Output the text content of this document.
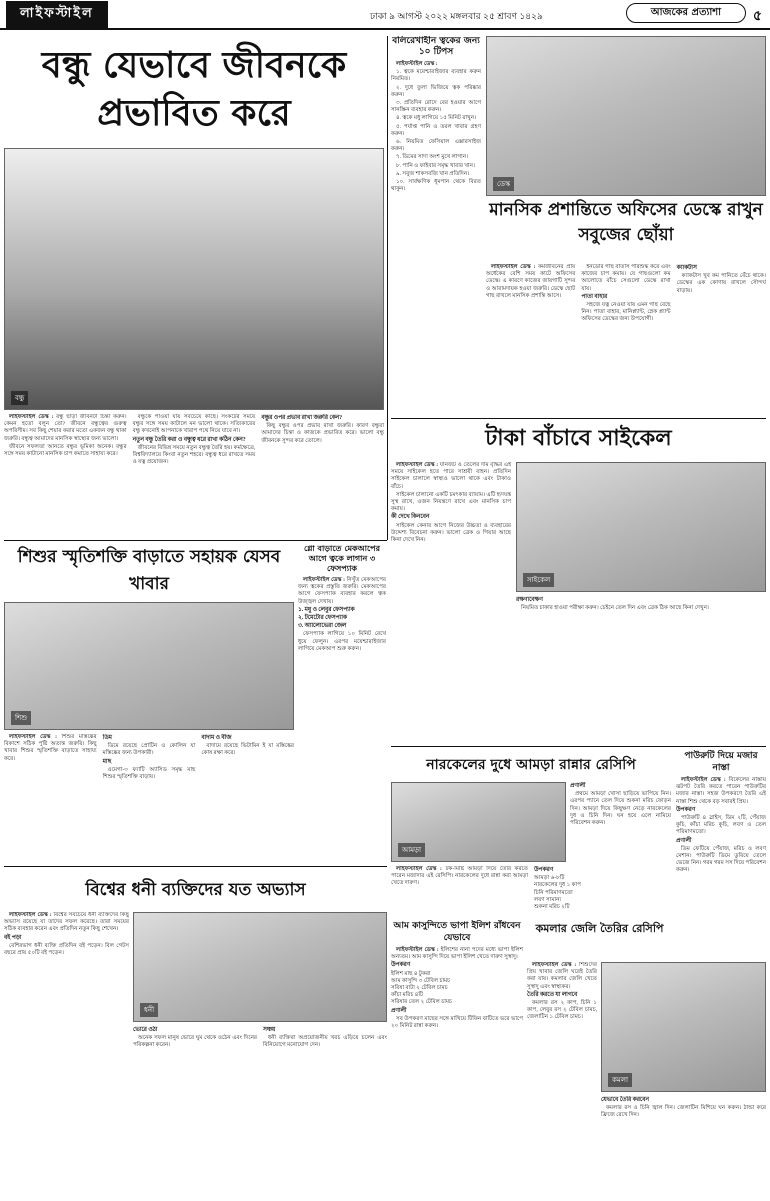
লাইফস্টাইল	ঢাকা ৯ আগস্ট ২০২২ মঙ্গলবার ২৫ শ্রাবণ ১৪২৯	আজকের প্রত্যাশা	৫
বন্ধু যেভাবে জীবনকে প্রভাবিত করে
বন্ধু

লাইফস্টাইল ডেস্ক : বন্ধু ছাড়া জীবনটা চিন্তা করুন। কেমন হতো বলুন তো? জীবনে বন্ধুত্বের গুরুত্ব অপরিসীম। সব কিছু শেয়ার করার মতো একজন বন্ধু থাকা জরুরি। বন্ধুত্ব আমাদের মানসিক স্বাস্থ্যের জন্য ভালো।

জীবনে সফলতা আনতে বন্ধুর ভূমিকা অনেক। বন্ধুর সঙ্গে সময় কাটানো মানসিক চাপ কমাতে সাহায্য করে।

বন্ধুকে পাওয়া যায় সবচেয়ে কাছে। সংকটের সময়ে বন্ধুর সঙ্গে সময় কাটালে মন ভালো থাকে। সত্যিকারের বন্ধু কখনোই আপনাকে খারাপ পথে নিয়ে যাবে না।

নতুন বন্ধু তৈরি করা ও বন্ধুত্ব ধরে রাখা কঠিন কেন?

জীবনের বিভিন্ন সময়ে নতুন বন্ধুত্ব তৈরি হয়। কর্মক্ষেত্রে, বিশ্ববিদ্যালয়ে কিংবা নতুন শহরে। বন্ধুত্ব ধরে রাখতে সময় ও যত্ন প্রয়োজন।

বন্ধুর ওপর প্রভাব রাখা জরুরি কেন?

কিছু বন্ধুর ওপর প্রভাব রাখা জরুরি। কারণ বন্ধুরা আমাদের চিন্তা ও কাজকে প্রভাবিত করে। ভালো বন্ধু জীবনকে সুন্দর করে তোলে।

বলিরেখাহীন ত্বকের জন্য ১০ টিপস

লাইফস্টাইল ডেস্ক :

১. ত্বকে ময়েশ্চারাইজার ব্যবহার করুন নিয়মিত।

২. দুধে তুলা ভিজিয়ে ত্বক পরিষ্কার করুন।

৩. প্রতিদিন রোদে বের হওয়ার আগে সানস্ক্রিন ব্যবহার করুন।

৪. ত্বকে মধু লাগিয়ে ১৫ মিনিট রাখুন।

৫. পর্যাপ্ত পানি ও তরল খাবার গ্রহণ করুন।

৬. নিয়মিত ফেসিয়াল এক্সারসাইজ করুন।

৭. ডিমের সাদা অংশ মুখে লাগান।

৮. পানি ও ফাইবার সমৃদ্ধ খাবার খান।

৯. সবুজ শাকসবজি খান প্রতিদিন।

১০. সার্বক্ষণিক ধূমপান থেকে বিরত থাকুন।

ডেস্ক
মানসিক প্রশান্তিতে অফিসের ডেস্কে রাখুন সবুজের ছোঁয়া

লাইফস্টাইল ডেস্ক : কর্মজীবনের প্রায় অর্ধেকের বেশি সময় কাটে অফিসের ডেস্কে। এ কারণে কাজের জায়গাটি সুন্দর ও আরামদায়ক হওয়া জরুরি। ডেস্কে ছোট গাছ রাখলে মানসিক প্রশান্তি আসে।

ইনডোর গাছ বাতাস পরিশুদ্ধ করে এবং কাজের চাপ কমায়। যে গাছগুলো কম আলোতে বাঁচে সেগুলো ডেস্কে রাখা যায়।

পাতা বাহার

সহজে যত্ন নেওয়া যায় এমন গাছ বেছে নিন। পাতা বাহার, মানিপ্ল্যান্ট, স্নেক প্ল্যান্ট অফিসের ডেস্কের জন্য উপযোগী।

ক্যাকটাস

ক্যাকটাস খুব কম পানিতে বেঁচে থাকে। ডেস্কের এক কোণায় রাখলে সৌন্দর্য বাড়ায়।

টাকা বাঁচাবে সাইকেল

লাইফস্টাইল ডেস্ক : যানজট ও তেলের দাম বৃদ্ধির এই সময়ে সাইকেল হতে পারে সাশ্রয়ী বাহন। প্রতিদিন সাইকেল চালালে স্বাস্থ্যও ভালো থাকে এবং টাকাও বাঁচে।

সাইকেল চালানো একটি চমৎকার ব্যায়াম। এটি হৃদযন্ত্র সুস্থ রাখে, ওজন নিয়ন্ত্রণে রাখে এবং মানসিক চাপ কমায়।

কী দেখে কিনবেন

সাইকেল কেনার আগে নিজের উচ্চতা ও ব্যবহারের উদ্দেশ্য বিবেচনা করুন। ভালো ব্রেক ও গিয়ার আছে কিনা দেখে নিন।

সাইকেল
রক্ষণাবেক্ষণ

নিয়মিত চাকার হাওয়া পরীক্ষা করুন। চেইনে তেল দিন এবং ব্রেক ঠিক আছে কিনা দেখুন।

শিশুর স্মৃতিশক্তি বাড়াতে সহায়ক যেসব খাবার
শিশু

লাইফস্টাইল ডেস্ক : শিশুর মস্তিষ্কের বিকাশে সঠিক পুষ্টি অত্যন্ত জরুরি। কিছু খাবার শিশুর স্মৃতিশক্তি বাড়াতে সাহায্য করে।

ডিম

ডিমে রয়েছে প্রোটিন ও কোলিন যা মস্তিষ্কের জন্য উপকারী।

মাছ

ওমেগা-৩ ফ্যাটি অ্যাসিড সমৃদ্ধ মাছ শিশুর স্মৃতিশক্তি বাড়ায়।

বাদাম ও বীজ

বাদামে রয়েছে ভিটামিন ই যা মস্তিষ্কের কোষ রক্ষা করে।

গ্লো বাড়াতে মেকআপের আগে ত্বকে লাগান ৩ ফেসপ্যাক

লাইফস্টাইল ডেস্ক : নিখুঁত মেকআপের জন্য ত্বকের প্রস্তুতি জরুরি। মেকআপের আগে ফেসপ্যাক ব্যবহার করলে ত্বক উজ্জ্বল দেখায়।

১. মধু ও লেবুর ফেসপ্যাক
২. টমেটোর ফেসপ্যাক
৩. অ্যালোভেরা জেল

ফেসপ্যাক লাগিয়ে ১০ মিনিট রেখে ধুয়ে ফেলুন। এরপর ময়েশ্চারাইজার লাগিয়ে মেকআপ শুরু করুন।

নারকেলের দুধে আমড়া রান্নার রেসিপি
আমড়া
প্রণালী

প্রথমে আমড়া খোসা ছাড়িয়ে ভাপিয়ে নিন। এরপর প্যানে তেল দিয়ে শুকনা মরিচ ফোড়ন দিন। আমড়া দিয়ে কিছুক্ষণ নেড়ে নারকেলের দুধ ও চিনি দিন। ঘন হয়ে এলে নামিয়ে পরিবেশন করুন।

লাইফস্টাইল ডেস্ক : টক-মিষ্টি আমড়া দিয়ে তৈরি করতে পারেন মজাদার এই রেসিপি। নারকেলের দুধে রান্না করা আমড়া খেতে দারুণ।

উপকরণ
আমড়া ৬-৮টি
নারকেলের দুধ ১ কাপ
চিনি পরিমাণমতো
লবণ সামান্য
শুকনা মরিচ ২টি
পাউরুটি দিয়ে মজার নাস্তা

লাইফস্টাইল ডেস্ক : বিকেলের নাস্তায় ঝটপট তৈরি করতে পারেন পাউরুটির মজার নাস্তা। সহজ উপকরণে তৈরি এই নাস্তা শিশু থেকে বড় সবারই প্রিয়।

উপকরণ

পাউরুটি ৪ স্লাইস, ডিম ২টি, পেঁয়াজ কুচি, কাঁচা মরিচ কুচি, লবণ ও তেল পরিমাণমতো।

প্রণালী

ডিম ফেটিয়ে পেঁয়াজ, মরিচ ও লবণ মেশান। পাউরুটি ডিমে ডুবিয়ে তেলে ভেজে নিন। গরম গরম সস দিয়ে পরিবেশন করুন।

বিশ্বের ধনী ব্যক্তিদের যত অভ্যাস

লাইফস্টাইল ডেস্ক : বিশ্বের সবচেয়ে ধনী ব্যক্তিদের কিছু অভ্যাস রয়েছে যা তাদের সফল করেছে। তারা সময়ের সঠিক ব্যবহার করেন এবং প্রতিদিন নতুন কিছু শেখেন।

বই পড়া

বেশিরভাগ ধনী ব্যক্তি প্রতিদিন বই পড়েন। বিল গেটস বছরে প্রায় ৫০টি বই পড়েন।

ধনী
ভোরে ওঠা

অনেক সফল মানুষ ভোরে ঘুম থেকে ওঠেন এবং দিনের পরিকল্পনা করেন।

সঞ্চয়

ধনী ব্যক্তিরা অপ্রয়োজনীয় খরচ এড়িয়ে চলেন এবং বিনিয়োগে মনোযোগ দেন।

আম কাসুন্দিতে ভাপা ইলিশ রাঁধবেন যেভাবে

লাইফস্টাইল ডেস্ক : ইলিশের নানা পদের মধ্যে ভাপা ইলিশ অন্যতম। আম কাসুন্দি দিয়ে ভাপা ইলিশ খেতে দারুণ সুস্বাদু।

উপকরণ
ইলিশ মাছ ৪ টুকরা
আম কাসুন্দি ৩ টেবিল চামচ
সরিষা বাটা ২ টেবিল চামচ
কাঁচা মরিচ ৪টি
সরিষার তেল ২ টেবিল চামচ
প্রণালী

সব উপকরণ মাছের সঙ্গে মাখিয়ে টিফিন বাটিতে ভরে ভাপে ২০ মিনিট রান্না করুন।

কমলার জেলি তৈরির রেসিপি

লাইফস্টাইল ডেস্ক : শিশুদের প্রিয় খাবার জেলি ঘরেই তৈরি করা যায়। কমলার জেলি খেতে সুস্বাদু এবং স্বাস্থ্যকর।

তৈরি করতে যা লাগবে

কমলার রস ২ কাপ, চিনি ১ কাপ, লেবুর রস ২ টেবিল চামচ, জেলাটিন ১ টেবিল চামচ।

কমলা
যেভাবে তৈরি করবেন

কমলার রস ও চিনি জ্বাল দিন। জেলাটিন মিশিয়ে ঘন করুন। ঠান্ডা করে ফ্রিজে রেখে দিন।
